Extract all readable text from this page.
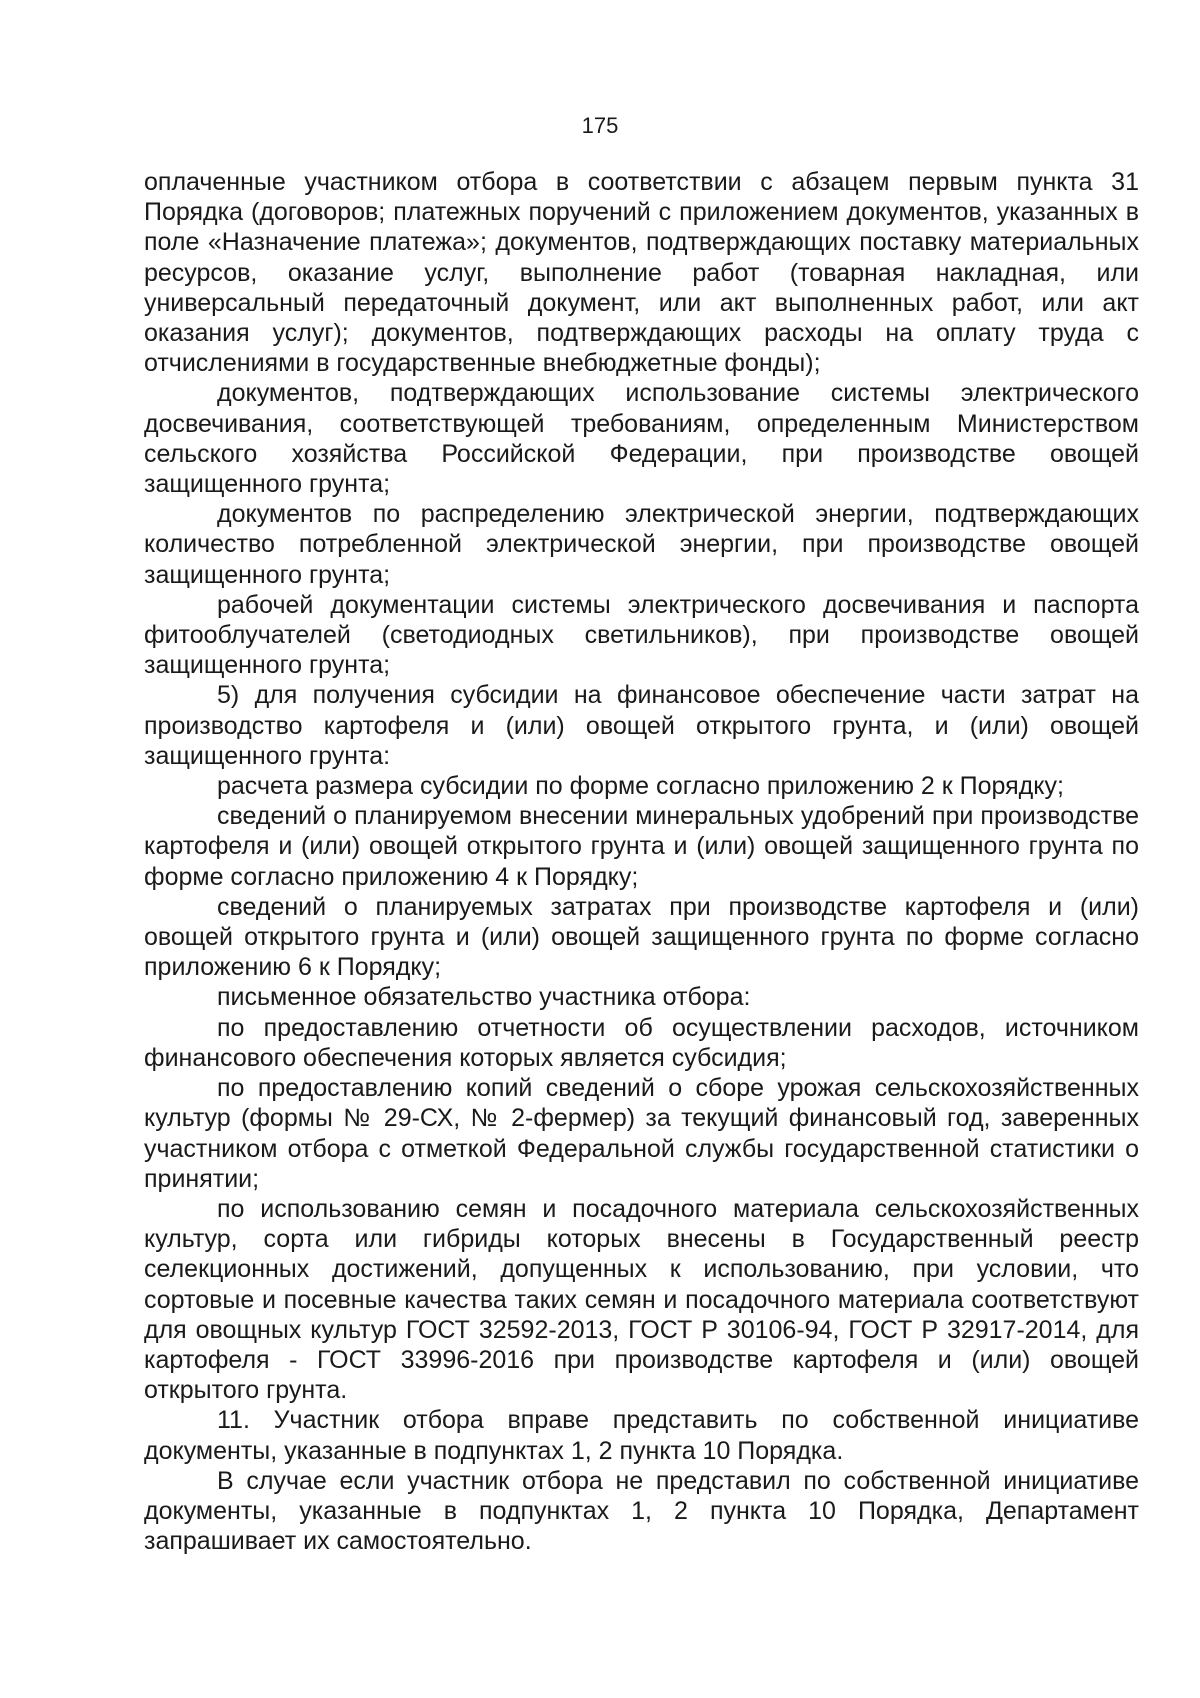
175

оплаченные участником отбора в соответствии с абзацем первым пункта 31 Порядка (договоров; платежных поручений с приложением документов, указанных в поле «Назначение платежа»; документов, подтверждающих поставку материальных ресурсов, оказание услуг, выполнение работ (товарная накладная, или универсальный передаточный документ, или акт выполненных работ, или акт оказания услуг); документов, подтверждающих расходы на оплату труда с отчислениями в государственные внебюджетные фонды);

документов, подтверждающих использование системы электрического досвечивания, соответствующей требованиям, определенным Министерством сельского хозяйства Российской Федерации, при производстве овощей защищенного грунта;

документов по распределению электрической энергии, подтверждающих количество потребленной электрической энергии, при производстве овощей защищенного грунта;

рабочей документации системы электрического досвечивания и паспорта фитооблучателей (светодиодных светильников), при производстве овощей защищенного грунта;

5) для получения субсидии на финансовое обеспечение части затрат на производство картофеля и (или) овощей открытого грунта, и (или) овощей защищенного грунта:

расчета размера субсидии по форме согласно приложению 2 к Порядку;

сведений о планируемом внесении минеральных удобрений при производстве картофеля и (или) овощей открытого грунта и (или) овощей защищенного грунта по форме согласно приложению 4 к Порядку;

сведений о планируемых затратах при производстве картофеля и (или) овощей открытого грунта и (или) овощей защищенного грунта по форме согласно приложению 6 к Порядку;

письменное обязательство участника отбора:

по предоставлению отчетности об осуществлении расходов, источником финансового обеспечения которых является субсидия;

по предоставлению копий сведений о сборе урожая сельскохозяйственных культур (формы № 29-СХ, № 2-фермер) за текущий финансовый год, заверенных участником отбора с отметкой Федеральной службы государственной статистики о принятии;

по использованию семян и посадочного материала сельскохозяйственных культур, сорта или гибриды которых внесены в Государственный реестр селекционных достижений, допущенных к использованию, при условии, что сортовые и посевные качества таких семян и посадочного материала соответствуют для овощных культур ГОСТ 32592-2013, ГОСТ Р 30106-94, ГОСТ Р 32917-2014, для картофеля - ГОСТ 33996-2016 при производстве картофеля и (или) овощей открытого грунта.

11. Участник отбора вправе представить по собственной инициативе документы, указанные в подпунктах 1, 2 пункта 10 Порядка.

В случае если участник отбора не представил по собственной инициативе документы, указанные в подпунктах 1, 2 пункта 10 Порядка, Департамент запрашивает их самостоятельно.
